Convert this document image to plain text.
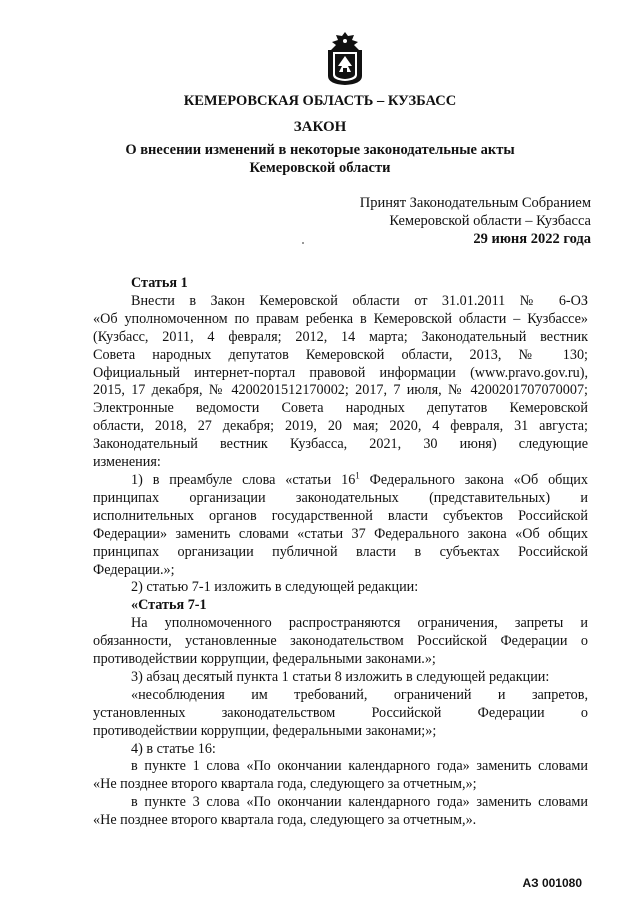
КЕМЕРОВСКАЯ ОБЛАСТЬ – КУЗБАСС
ЗАКОН
О внесении изменений в некоторые законодательные акты
Кемеровской области
Принят Законодательным Собранием
Кемеровской области – Кузбасса
29 июня 2022 года

Статья 1

Внести в Закон Кемеровской области от 31.01.2011 № 6-ОЗ

«Об уполномоченном по правам ребенка в Кемеровской области – Кузбассе»

(Кузбасс, 2011, 4 февраля; 2012, 14 марта; Законодательный вестник

Совета народных депутатов Кемеровской области, 2013, № 130;

Официальный интернет-портал правовой информации (www.pravo.gov.ru),

2015, 17 декабря, № 4200201512170002; 2017, 7 июля, № 4200201707070007;

Электронные ведомости Совета народных депутатов Кемеровской

области, 2018, 27 декабря; 2019, 20 мая; 2020, 4 февраля, 31 августа;

Законодательный вестник Кузбасса, 2021, 30 июня) следующие

изменения:

1) в преамбуле слова «статьи $16^1$ Федерального закона «Об общих

принципах организации законодательных (представительных) и

исполнительных органов государственной власти субъектов Российской

Федерации» заменить словами «статьи 37 Федерального закона «Об общих

принципах организации публичной власти в субъектах Российской

Федерации.»;

2) статью 7-1 изложить в следующей редакции:

«Статья 7-1

На уполномоченного распространяются ограничения, запреты и

обязанности, установленные законодательством Российской Федерации о

противодействии коррупции, федеральными законами.»;

3) абзац десятый пункта 1 статьи 8 изложить в следующей редакции:

«несоблюдения им требований, ограничений и запретов,

установленных законодательством Российской Федерации о

противодействии коррупции, федеральными законами;»;

4) в статье 16:

в пункте 1 слова «По окончании календарного года» заменить словами

«Не позднее второго квартала года, следующего за отчетным,»;

в пункте 3 слова «По окончании календарного года» заменить словами

«Не позднее второго квартала года, следующего за отчетным,».

АЗ 001080
